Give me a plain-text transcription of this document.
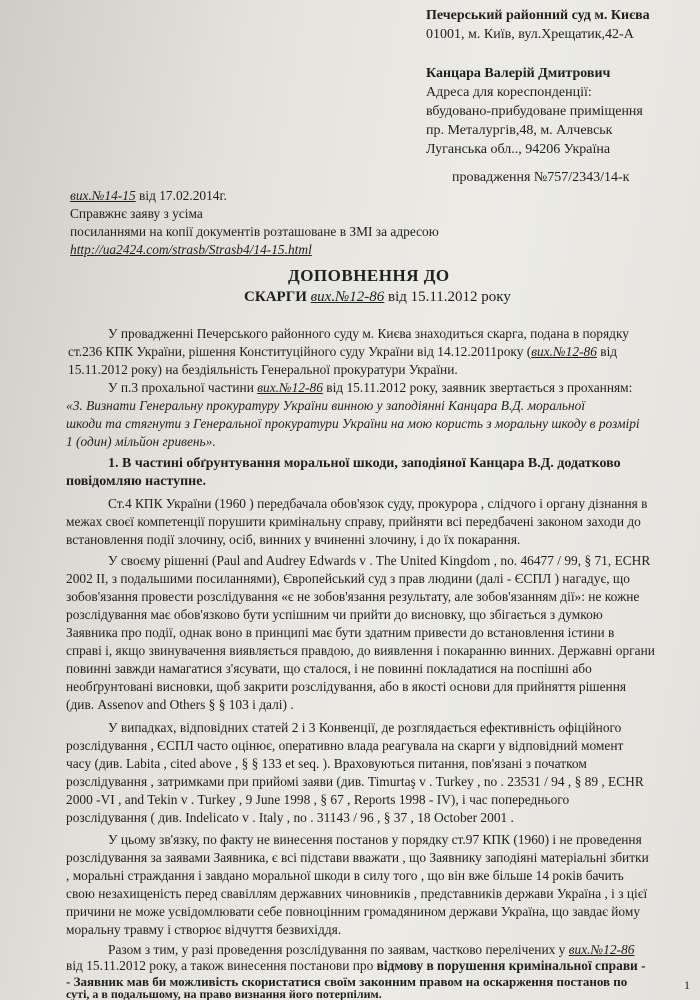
Печерський районний суд м. Києва
01001, м. Київ, вул.Хрещатик,42-А
Канцара Валерій Дмитрович
Адреса для кореспонденції:
вбудовано-прибудоване приміщення
пр. Металургів,48, м. Алчевськ
Луганська обл.., 94206 Україна
провадження №757/2343/14-к
вих.№14-15 від 17.02.2014г.
Справжнє заяву з усіма
посиланнями на копії документів розташоване в ЗМІ за адресою
http://ua2424.com/strasb/Strasb4/14-15.html
ДОПОВНЕННЯ ДО
СКАРГИ вих.№12-86 від 15.11.2012 року
У провадженні Печерського районного суду м. Києва знаходиться скарга, подана в порядку
ст.236 КПК України, рішення Конституційного суду України від 14.12.2011року (вих.№12-86 від
15.11.2012 року) на бездіяльність Генеральної прокуратури України.
У п.3 прохальної частини вих.№12-86 від 15.11.2012 року, заявник звертається з проханням:
«3. Визнати Генеральну прокуратуру України винною у заподіянні Канцара В.Д. моральної
шкоди та стягнути з Генеральної прокуратури України на мою користь з моральну шкоду в розмірі
1 (один) мільйон гривень».
1. В частині обґрунтування моральної шкоди, заподіяної Канцара В.Д. додатково
повідомляю наступне.
Ст.4 КПК України (1960 ) передбачала обов'язок суду, прокурора , слідчого і органу дізнання в
межах своєї компетенції порушити кримінальну справу, прийняти всі передбачені законом заходи до
встановлення події злочину, осіб, винних у вчиненні злочину, і до їх покарання.
У своєму рішенні (Paul and Audrey Edwards v . The United Kingdom , no. 46477 / 99, § 71, ECHR
2002 II, з подальшими посиланнями), Європейський суд з прав людини (далі - ЄСПЛ ) нагадує, що
зобов'язання провести розслідування «є не зобов'язання результату, але зобов'язанням дії»: не кожне
розслідування має обов'язково бути успішним чи прийти до висновку, що збігається з думкою
Заявника про події, однак воно в принципі має бути здатним привести до встановлення істини в
справі і, якщо звинувачення виявляється правдою, до виявлення і покаранню винних. Державні органи
повинні завжди намагатися з'ясувати, що сталося, і не повинні покладатися на поспішні або
необґрунтовані висновки, щоб закрити розслідування, або в якості основи для прийняття рішення
(див. Assenov and Others § § 103 і далі) .
У випадках, відповідних статей 2 і 3 Конвенції, де розглядається ефективність офіційного
розслідування , ЄСПЛ часто оцінює, оперативно влада реагувала на скарги у відповідний момент
часу (див. Labita , cited above , § § 133 et seq. ). Враховуються питання, пов'язані з початком
розслідування , затримками при прийомі заяви (див. Timurtaş v . Turkey , no . 23531 / 94 , § 89 , ECHR
2000 -VI , and Tekin v . Turkey , 9 June 1998 , § 67 , Reports 1998 - IV), і час попереднього
розслідування ( див. Indelicato v . Italy , no . 31143 / 96 , § 37 , 18 October 2001 .
У цьому зв'язку, по факту не винесення постанов у порядку ст.97 КПК (1960) і не проведення
розслідування за заявами Заявника, є всі підстави вважати , що Заявнику заподіяні матеріальні збитки
, моральні страждання і завдано моральної шкоди в силу того , що він вже більше 14 років бачить
свою незахищеність перед свавіллям державних чиновників , представників держави Україна , і з цієї
причини не може усвідомлювати себе повноцінним громадянином держави Україна, що завдає йому
моральну травму і створює відчуття безвихіддя.
Разом з тим, у разі проведення розслідування по заявам, частково перелічених у вих.№12-86
від 15.11.2012 року, а також винесення постанови про відмову в порушення кримінальної справи -
- Заявник мав би можливість скористатися своїм законним правом на оскарження постанов по
суті, а в подальшому, на право визнання його потерпілим.
1
